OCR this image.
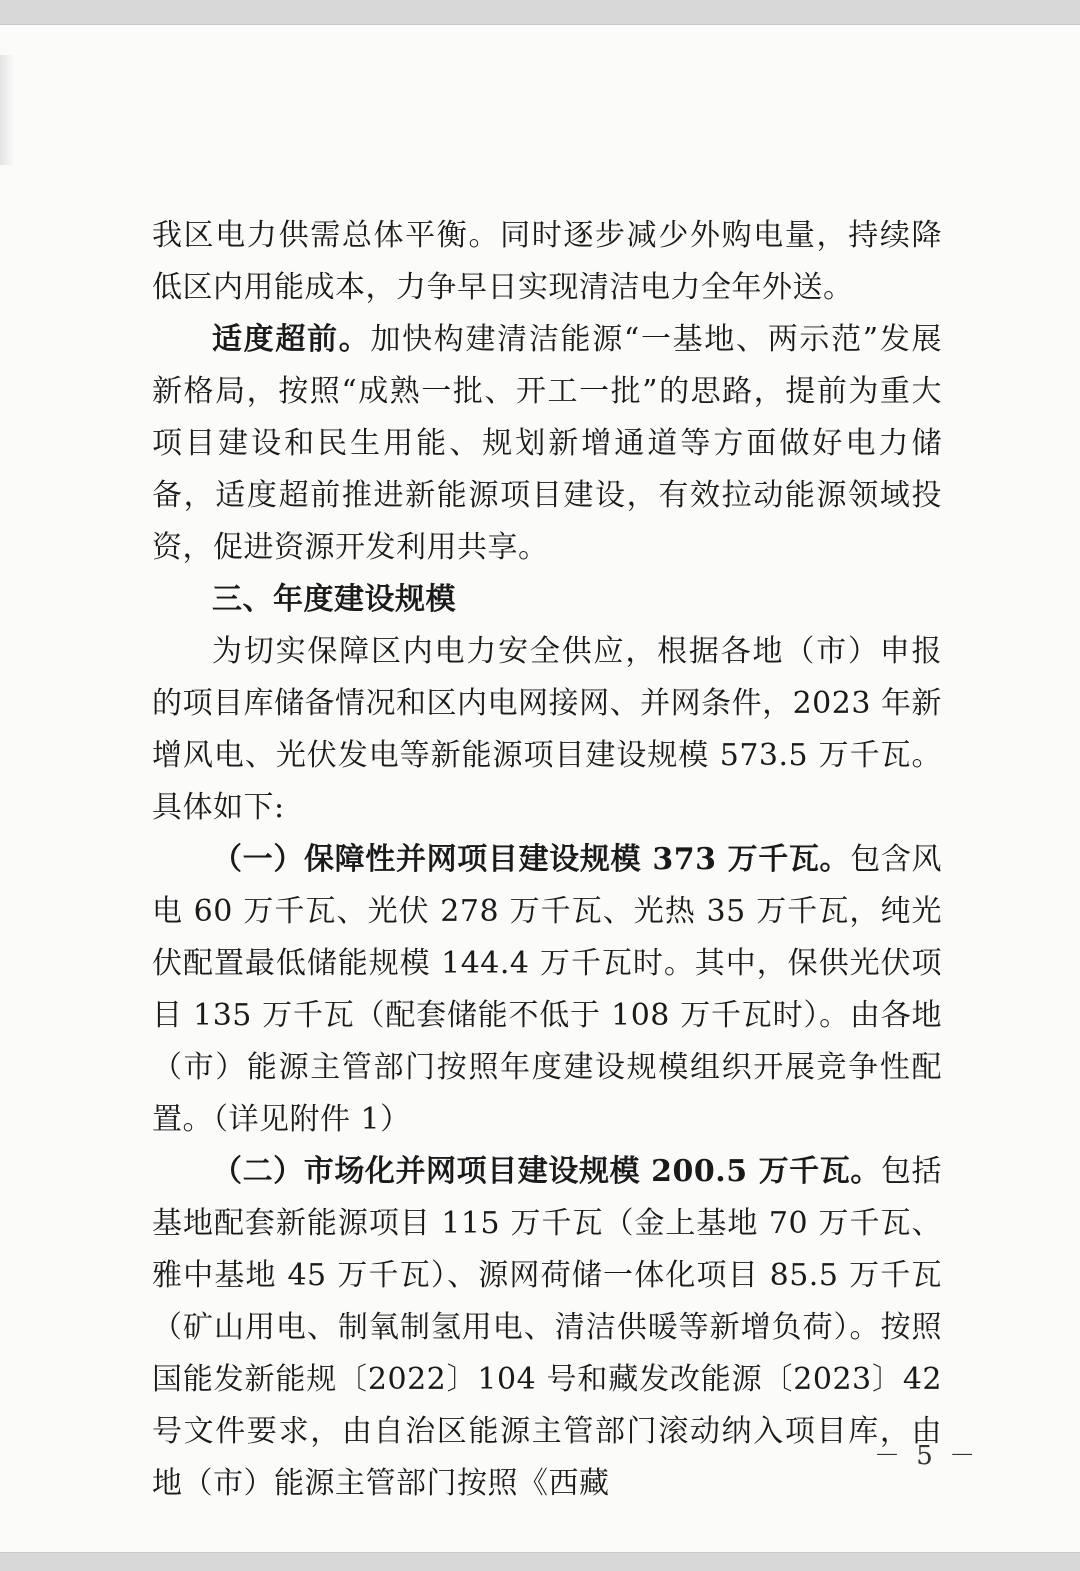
我区电力供需总体平衡。同时逐步减少外购电量，持续降低区内用能成本，力争早日实现清洁电力全年外送。

适度超前。加快构建清洁能源“一基地、两示范”发展新格局，按照“成熟一批、开工一批”的思路，提前为重大项目建设和民生用能、规划新增通道等方面做好电力储备，适度超前推进新能源项目建设，有效拉动能源领域投资，促进资源开发利用共享。

三、年度建设规模

为切实保障区内电力安全供应，根据各地（市）申报的项目库储备情况和区内电网接网、并网条件，2023 年新增风电、光伏发电等新能源项目建设规模 573.5 万千瓦。具体如下:

（一）保障性并网项目建设规模 373 万千瓦。包含风电 60 万千瓦、光伏 278 万千瓦、光热 35 万千瓦，纯光伏配置最低储能规模 144.4 万千瓦时。其中，保供光伏项目 135 万千瓦（配套储能不低于 108 万千瓦时）。由各地（市）能源主管部门按照年度建设规模组织开展竞争性配置。（详见附件 1）

（二）市场化并网项目建设规模 200.5 万千瓦。包括基地配套新能源项目 115 万千瓦（金上基地 70 万千瓦、雅中基地 45 万千瓦）、源网荷储一体化项目 85.5 万千瓦（矿山用电、制氧制氢用电、清洁供暖等新增负荷）。按照国能发新能规〔2022〕104 号和藏发改能源〔2023〕42 号文件要求，由自治区能源主管部门滚动纳入项目库，由地（市）能源主管部门按照《西藏

－ 5 －
